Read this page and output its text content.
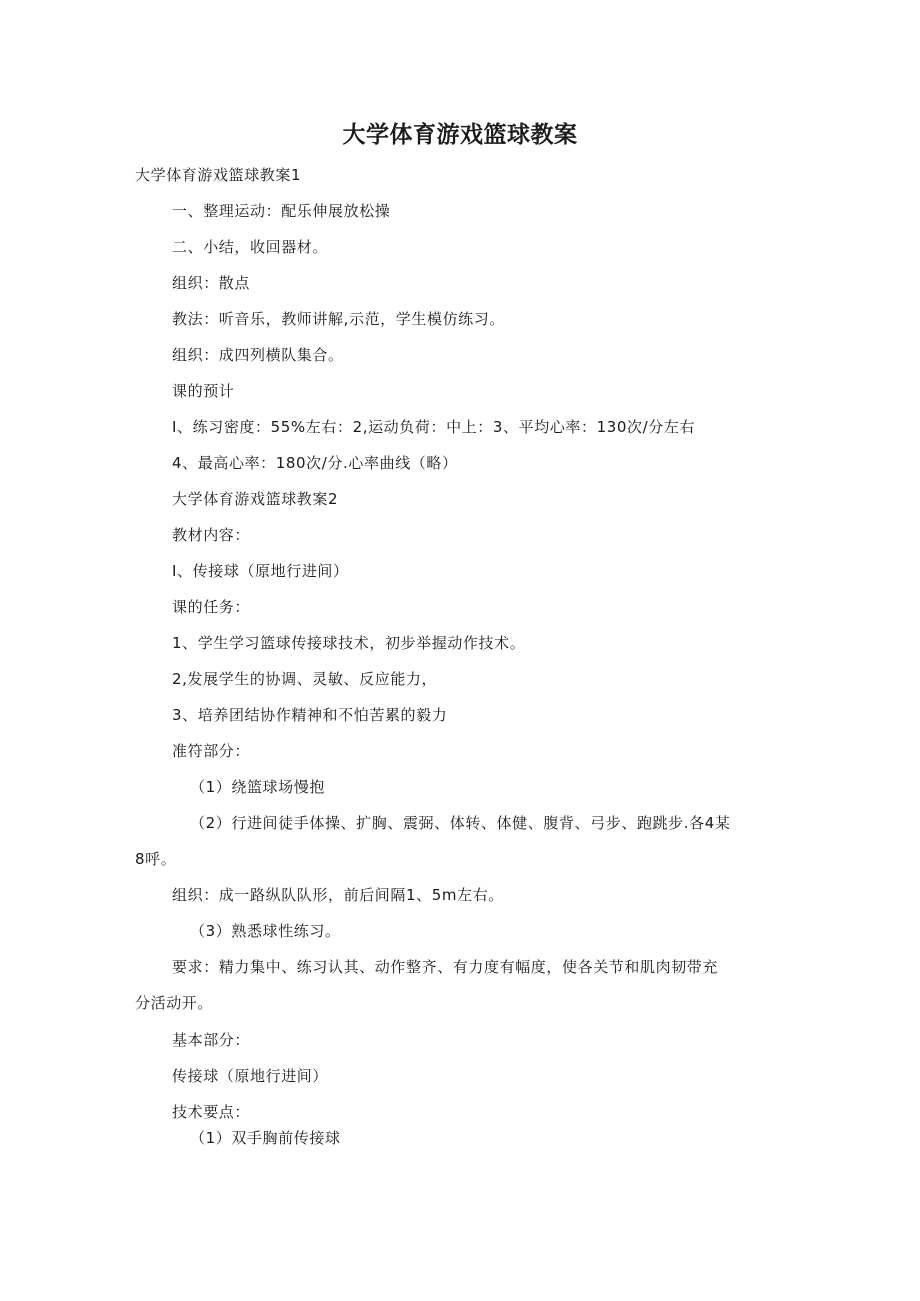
大学体育游戏篮球教案
大学体育游戏篮球教案1
一、整理运动：配乐伸展放松操
二、小结，收回器材。
组织：散点
教法：听音乐，教师讲解,示范，学生模仿练习。
组织：成四列横队集合。
课的预计
I、练习密度：55%左右：2,运动负荷：中上：3、平均心率：130次/分左右
4、最高心率：180次/分.心率曲线（略）
大学体育游戏篮球教案2
教材内容：
I、传接球（原地行进间）
课的任务：
1、学生学习篮球传接球技术，初步举握动作技术。
2,发展学生的协调、灵敏、反应能力，
3、培养团结协作精神和不怕苦累的毅力
准符部分：
（1）绕篮球场慢抱
（2）行进间徒手体操、扩胸、震弼、体转、体健、腹背、弓步、跑跳步.各4某
8呼。
组织：成一路纵队队形，前后间隔1、5m左右。
（3）熟悉球性练习。
要求：精力集中、练习认其、动作整齐、有力度有幅度，使各关节和肌肉韧带充
分活动开。
基本部分：
传接球（原地行进间）
技术要点：
（1）双手胸前传接球
